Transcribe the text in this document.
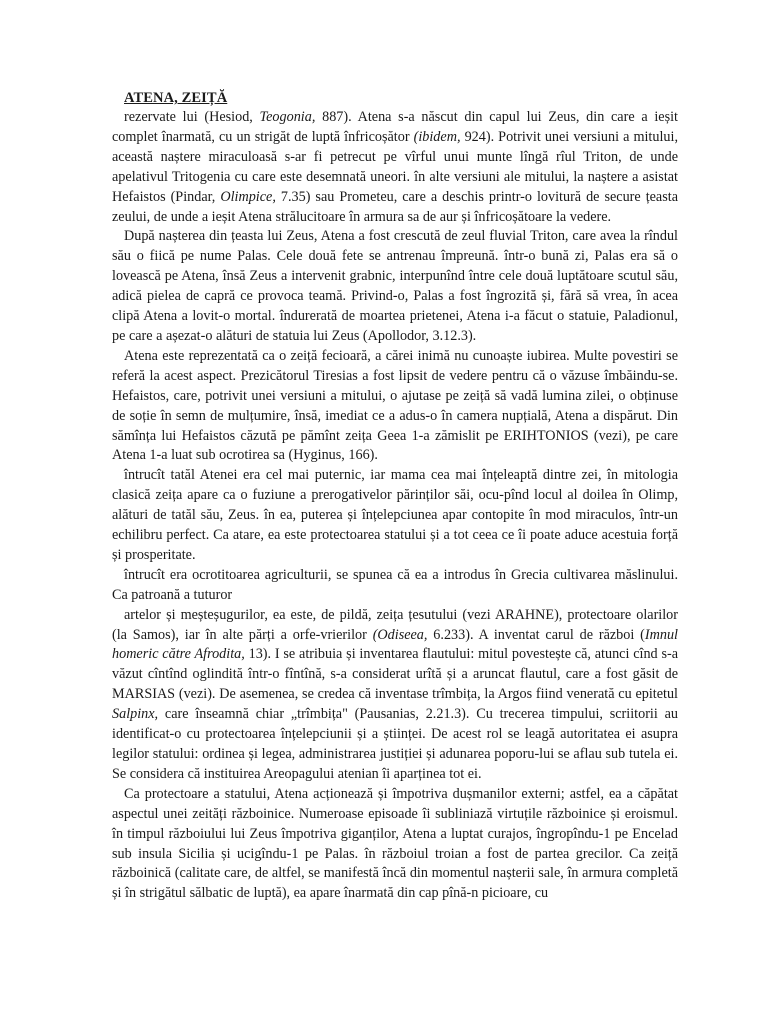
ATENA, ZEIȚĂ

rezervate lui (Hesiod, Teogonia, 887). Atena s-a născut din capul lui Zeus, din care a ieșit complet înarmată, cu un strigăt de luptă înfricoșător (ibidem, 924). Potrivit unei versiuni a mitului, această naștere miraculoasă s-ar fi petrecut pe vîrful unui munte lîngă rîul Triton, de unde apelativul Tritogenia cu care este desemnată uneori. în alte versiuni ale mitului, la naștere a asistat Hefaistos (Pindar, Olimpice, 7.35) sau Prometeu, care a deschis printr-o lovitură de secure țeasta zeului, de unde a ieșit Atena strălucitoare în armura sa de aur și înfricoșătoare la vedere.

După nașterea din țeasta lui Zeus, Atena a fost crescută de zeul fluvial Triton, care avea la rîndul său o fiică pe nume Palas. Cele două fete se antrenau împreună. într-o bună zi, Palas era să o lovească pe Atena, însă Zeus a intervenit grabnic, interpunînd între cele două luptătoare scutul său, adică pielea de capră ce provoca teamă. Privind-o, Palas a fost îngrozită și, fără să vrea, în acea clipă Atena a lovit-o mortal. îndurerată de moartea prietenei, Atena i-a făcut o statuie, Paladionul, pe care a așezat-o alături de statuia lui Zeus (Apollodor, 3.12.3).

Atena este reprezentată ca o zeiță fecioară, a cărei inimă nu cunoaște iubirea. Multe povestiri se referă la acest aspect. Prezicătorul Tiresias a fost lipsit de vedere pentru că o văzuse îmbăindu-se. Hefaistos, care, potrivit unei versiuni a mitului, o ajutase pe zeiță să vadă lumina zilei, o obținuse de soție în semn de mulțumire, însă, imediat ce a adus-o în camera nupțială, Atena a dispărut. Din sămînța lui Hefaistos căzută pe pămînt zeița Geea 1-a zămislit pe ERIHTONIOS (vezi), pe care Atena 1-a luat sub ocrotirea sa (Hyginus, 166).

întrucît tatăl Atenei era cel mai puternic, iar mama cea mai înțeleaptă dintre zei, în mitologia clasică zeița apare ca o fuziune a prerogativelor părinților săi, ocu-pînd locul al doilea în Olimp, alături de tatăl său, Zeus. în ea, puterea și înțelepciunea apar contopite în mod miraculos, într-un echilibru perfect. Ca atare, ea este protectoarea statului și a tot ceea ce îi poate aduce acestuia forță și prosperitate.

întrucît era ocrotitoarea agriculturii, se spunea că ea a introdus în Grecia cultivarea măslinului. Ca patroană a tuturor

artelor și meșteșugurilor, ea este, de pildă, zeița țesutului (vezi ARAHNE), protectoare olarilor (la Samos), iar în alte părți a orfe-vrierilor (Odiseea, 6.233). A inventat carul de război (Imnul homeric către Afrodita, 13). I se atribuia și inventarea flautului: mitul povestește că, atunci cînd s-a văzut cîntînd oglindită într-o fîntînă, s-a considerat urîtă și a aruncat flautul, care a fost găsit de MARSIAS (vezi). De asemenea, se credea că inventase trîmbița, la Argos fiind venerată cu epitetul Salpinx, care înseamnă chiar „trîmbița" (Pausanias, 2.21.3). Cu trecerea timpului, scriitorii au identificat-o cu protectoarea înțelepciunii și a științei. De acest rol se leagă autoritatea ei asupra legilor statului: ordinea și legea, administrarea justiției și adunarea poporu-lui se aflau sub tutela ei. Se considera că instituirea Areopagului atenian îi aparținea tot ei.

Ca protectoare a statului, Atena acționează și împotriva dușmanilor externi; astfel, ea a căpătat aspectul unei zeități războinice. Numeroase episoade îi subliniază virtuțile războinice și eroismul. în timpul războiului lui Zeus împotriva giganților, Atena a luptat curajos, îngropîndu-1 pe Encelad sub insula Sicilia și ucigîndu-1 pe Palas. în războiul troian a fost de partea grecilor. Ca zeiță războinică (calitate care, de altfel, se manifestă încă din momentul nașterii sale, în armura completă și în strigătul sălbatic de luptă), ea apare înarmată din cap pînă-n picioare, cu
